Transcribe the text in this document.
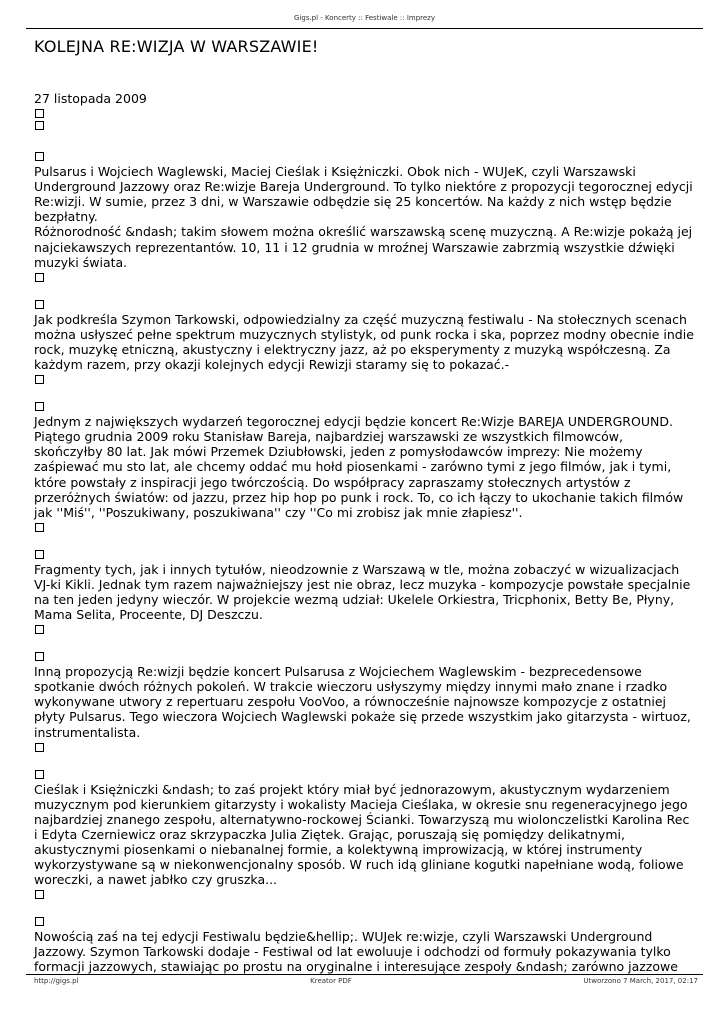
Gigs.pl - Koncerty :: Festiwale :: Imprezy
KOLEJNA RE:WIZJA W WARSZAWIE!

27 listopada 2009

Pulsarus i Wojciech Waglewski, Maciej Cieślak i Księżniczki. Obok nich - WUJeK, czyli Warszawski Underground Jazzowy oraz Re:wizje Bareja Underground. To tylko niektóre z propozycji tegorocznej edycji Re:wizji. W sumie, przez 3 dni, w Warszawie odbędzie się 25 koncertów. Na każdy z nich wstęp będzie bezpłatny.

Różnorodność &ndash; takim słowem można określić warszawską scenę muzyczną. A Re:wizje pokażą jej najciekawszych reprezentantów. 10, 11 i 12 grudnia w mroźnej Warszawie zabrzmią wszystkie dźwięki muzyki świata.

Jak podkreśla Szymon Tarkowski, odpowiedzialny za część muzyczną festiwalu - Na stołecznych scenach można usłyszeć pełne spektrum muzycznych stylistyk, od punk rocka i ska, poprzez modny obecnie indie rock, muzykę etniczną, akustyczny i elektryczny jazz, aż po eksperymenty z muzyką współczesną. Za każdym razem, przy okazji kolejnych edycji Rewizji staramy się to pokazać.-

Jednym z największych wydarzeń tegorocznej edycji będzie koncert Re:Wizje BAREJA UNDERGROUND. Piątego grudnia 2009 roku Stanisław Bareja, najbardziej warszawski ze wszystkich filmowców, skończyłby 80 lat. Jak mówi Przemek Dziubłowski, jeden z pomysłodawców imprezy: Nie możemy zaśpiewać mu sto lat, ale chcemy oddać mu hołd piosenkami - zarówno tymi z jego filmów, jak i tymi, które powstały z inspiracji jego twórczością. Do współpracy zapraszamy stołecznych artystów z przeróżnych światów: od jazzu, przez hip hop po punk i rock. To, co ich łączy to ukochanie takich filmów jak ''Miś'', ''Poszukiwany, poszukiwana'' czy ''Co mi zrobisz jak mnie złapiesz''.

Fragmenty tych, jak i innych tytułów, nieodzownie z Warszawą w tle, można zobaczyć w wizualizacjach VJ-ki Kikli. Jednak tym razem najważniejszy jest nie obraz, lecz muzyka - kompozycje powstałe specjalnie na ten jeden jedyny wieczór. W projekcie wezmą udział: Ukelele Orkiestra, Tricphonix, Betty Be, Płyny, Mama Selita, Proceente, DJ Deszczu.

Inną propozycją Re:wizji będzie koncert Pulsarusa z Wojciechem Waglewskim - bezprecedensowe spotkanie dwóch różnych pokoleń. W trakcie wieczoru usłyszymy między innymi mało znane i rzadko wykonywane utwory z repertuaru zespołu VooVoo, a równocześnie najnowsze kompozycje z ostatniej płyty Pulsarus. Tego wieczora Wojciech Waglewski pokaże się przede wszystkim jako gitarzysta - wirtuoz, instrumentalista.

Cieślak i Księżniczki &ndash; to zaś projekt który miał być jednorazowym, akustycznym wydarzeniem muzycznym pod kierunkiem gitarzysty i wokalisty Macieja Cieślaka, w okresie snu regeneracyjnego jego najbardziej znanego zespołu, alternatywno-rockowej Ścianki. Towarzyszą mu wiolonczelistki Karolina Rec i Edyta Czerniewicz oraz skrzypaczka Julia Ziętek. Grając, poruszają się pomiędzy delikatnymi, akustycznymi piosenkami o niebanalnej formie, a kolektywną improwizacją, w której instrumenty wykorzystywane są w niekonwencjonalny sposób. W ruch idą gliniane kogutki napełniane wodą, foliowe woreczki, a nawet jabłko czy gruszka...

Nowością zaś na tej edycji Festiwalu będzie&hellip;. WUJek re:wizje, czyli Warszawski Underground Jazzowy. Szymon Tarkowski dodaje - Festiwal od lat ewoluuje i odchodzi od formuły pokazywania tylko formacji jazzowych, stawiając po prostu na oryginalne i interesujące zespoły &ndash; zarówno jazzowe

http://gigs.pl	Kreator PDF	Utworzono 7 March, 2017, 02:17
